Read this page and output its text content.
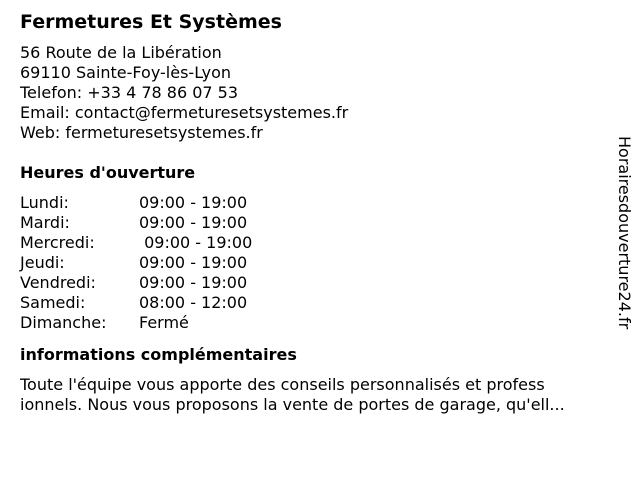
Fermetures Et Systèmes
56 Route de la Libération
69110 Sainte-Foy-lès-Lyon
Telefon: +33 4 78 86 07 53
Email: contact@fermeturesetsystemes.fr
Web: fermeturesetsystemes.fr
Heures d'ouverture
Lundi:	09:00 - 19:00
Mardi:	09:00 - 19:00
Mercredi:	09:00 - 19:00
Jeudi:	09:00 - 19:00
Vendredi:	09:00 - 19:00
Samedi:	08:00 - 12:00
Dimanche:	Fermé
informations complémentaires
Toute l'équipe vous apporte des conseils personnalisés et profess
ionnels. Nous vous proposons la vente de portes de garage, qu'ell...
Horairesdouverture24.fr
